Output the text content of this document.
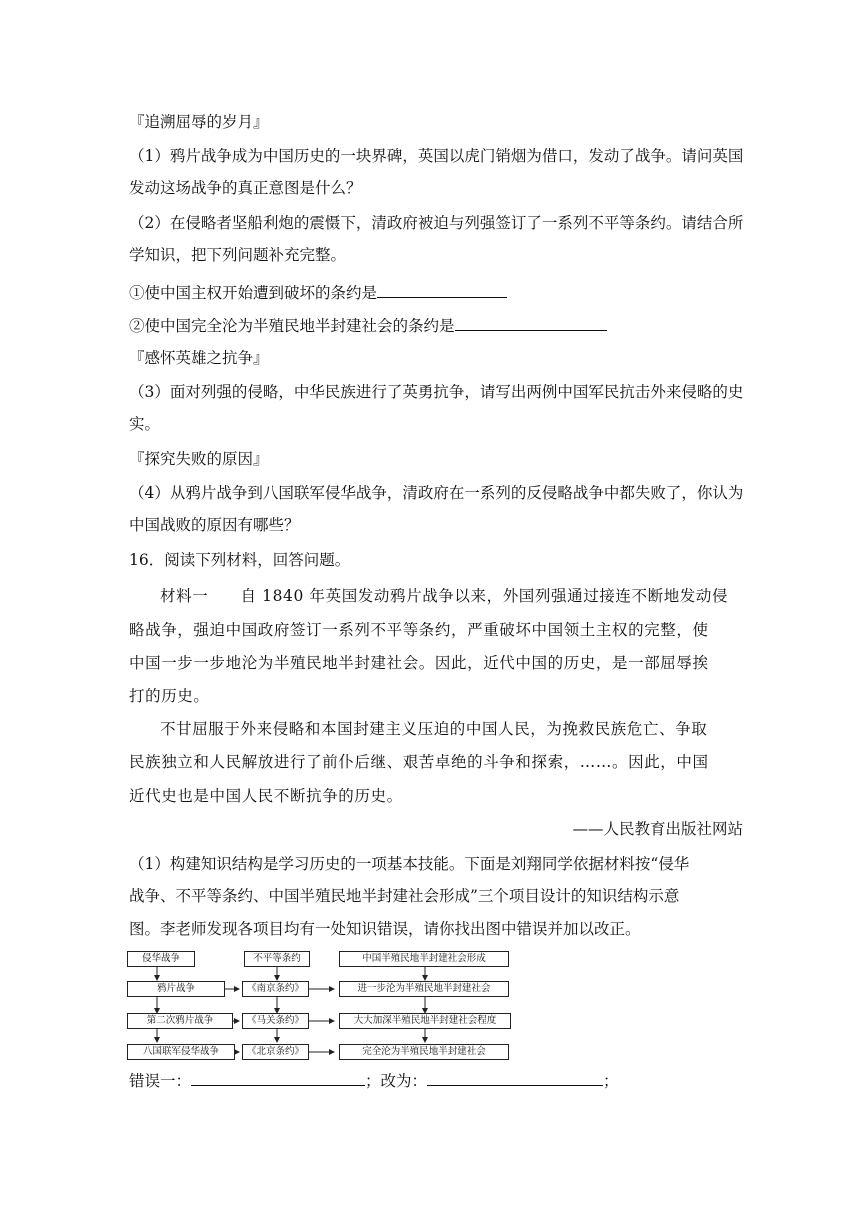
『追溯屈辱的岁月』
（1）鸦片战争成为中国历史的一块界碑，英国以虎门销烟为借口，发动了战争。请问英国
发动这场战争的真正意图是什么？
（2）在侵略者坚船利炮的震慑下，清政府被迫与列强签订了一系列不平等条约。请结合所
学知识，把下列问题补充完整。
①使中国主权开始遭到破坏的条约是
②使中国完全沦为半殖民地半封建社会的条约是
『感怀英雄之抗争』
（3）面对列强的侵略，中华民族进行了英勇抗争，请写出两例中国军民抗击外来侵略的史
实。
『探究失败的原因』
（4）从鸦片战争到八国联军侵华战争，清政府在一系列的反侵略战争中都失败了，你认为
中国战败的原因有哪些？
16．阅读下列材料，回答问题。
材料一　　自 1840 年英国发动鸦片战争以来，外国列强通过接连不断地发动侵
略战争，强迫中国政府签订一系列不平等条约，严重破坏中国领土主权的完整，使
中国一步一步地沦为半殖民地半封建社会。因此，近代中国的历史，是一部屈辱挨
打的历史。
不甘屈服于外来侵略和本国封建主义压迫的中国人民，为挽救民族危亡、争取
民族独立和人民解放进行了前仆后继、艰苦卓绝的斗争和探索，……。因此，中国
近代史也是中国人民不断抗争的历史。
——人民教育出版社网站
（1）构建知识结构是学习历史的一项基本技能。下面是刘翔同学依据材料按“侵华
战争、不平等条约、中国半殖民地半封建社会形成”三个项目设计的知识结构示意
图。李老师发现各项目均有一处知识错误，请你找出图中错误并加以改正。
侵华战争
鸦片战争
第二次鸦片战争
八国联军侵华战争
不平等条约
《南京条约》
《马关条约》
《北京条约》
中国半殖民地半封建社会形成
进一步沦为半殖民地半封建社会
大大加深半殖民地半封建社会程度
完全沦为半殖民地半封建社会
错误一：	；改为：	；
